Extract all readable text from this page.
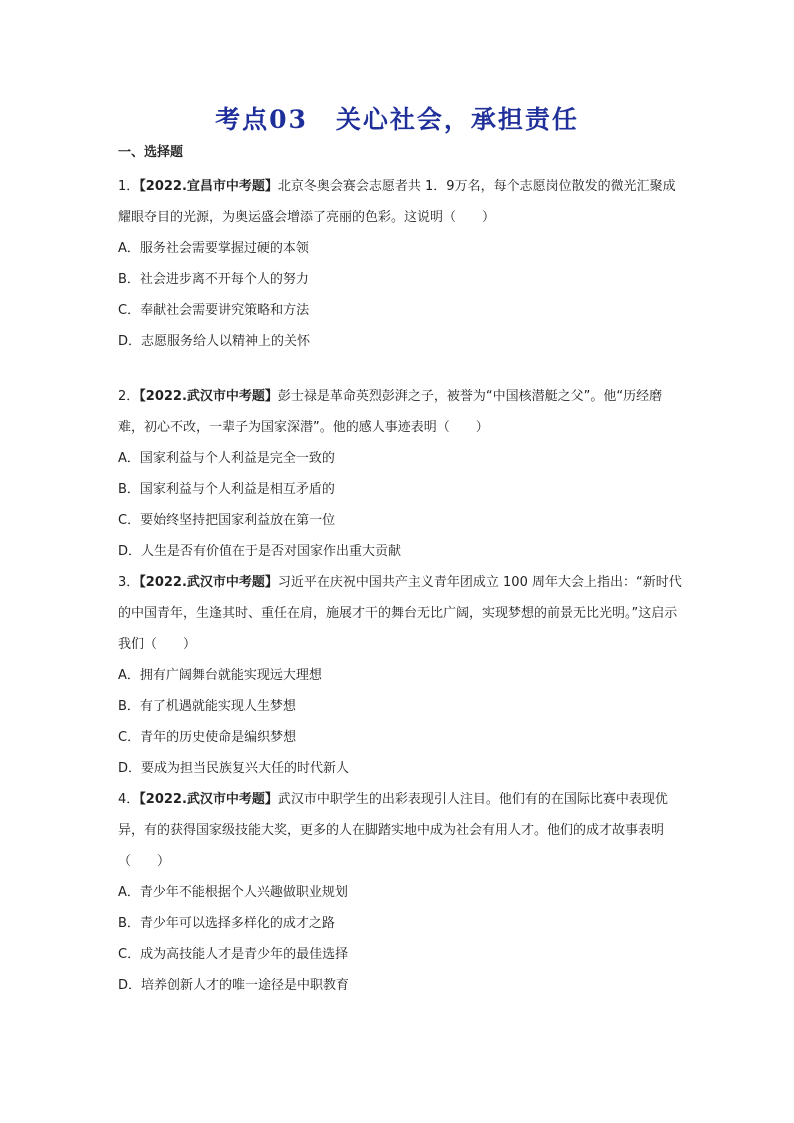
考点03 关心社会，承担责任

一、选择题

1．【2022.宜昌市中考题】北京冬奥会赛会志愿者共 1．9万名，每个志愿岗位散发的微光汇聚成耀眼夺目的光源，为奥运盛会增添了亮丽的色彩。这说明（　　）

A．服务社会需要掌握过硬的本领

B．社会进步离不开每个人的努力

C．奉献社会需要讲究策略和方法

D．志愿服务给人以精神上的关怀

2．【2022.武汉市中考题】彭士禄是革命英烈彭湃之子，被誉为“中国核潜艇之父”。他“历经磨难，初心不改，一辈子为国家深潜”。他的感人事迹表明（　　）

A．国家利益与个人利益是完全一致的

B．国家利益与个人利益是相互矛盾的

C．要始终坚持把国家利益放在第一位

D．人生是否有价值在于是否对国家作出重大贡献

3．【2022.武汉市中考题】习近平在庆祝中国共产主义青年团成立 100 周年大会上指出：“新时代的中国青年，生逢其时、重任在肩，施展才干的舞台无比广阔，实现梦想的前景无比光明。”这启示我们（　　）

A．拥有广阔舞台就能实现远大理想

B．有了机遇就能实现人生梦想

C．青年的历史使命是编织梦想

D．要成为担当民族复兴大任的时代新人

4．【2022.武汉市中考题】武汉市中职学生的出彩表现引人注目。他们有的在国际比赛中表现优异，有的获得国家级技能大奖，更多的人在脚踏实地中成为社会有用人才。他们的成才故事表明（　　）

A．青少年不能根据个人兴趣做职业规划

B．青少年可以选择多样化的成才之路

C．成为高技能人才是青少年的最佳选择

D．培养创新人才的唯一途径是中职教育
